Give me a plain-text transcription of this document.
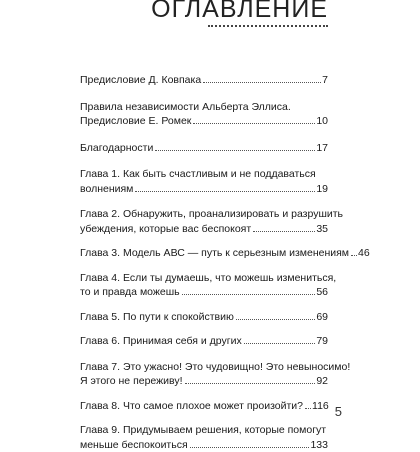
ОГЛАВЛЕНИЕ
Предисловие Д. Ковпака	7
Правила независимости Альберта Эллиса.
Предисловие Е. Ромек	10
Благодарности	17
Глава 1. Как быть счастливым и не поддаваться
волнениям	19
Глава 2. Обнаружить, проанализировать и разрушить
убеждения, которые вас беспокоят	35
Глава 3. Модель АВС — путь к серьезным изменениям 46
Глава 4. Если ты думаешь, что можешь измениться,
то и правда можешь	56
Глава 5. По пути к спокойствию	69
Глава 6. Принимая себя и других	79
Глава 7. Это ужасно! Это чудовищно! Это невыносимо!
Я этого не переживу!	92
Глава 8. Что самое плохое может произойти? 116
Глава 9. Придумываем решения, которые помогут
меньше беспокоиться	133
5
